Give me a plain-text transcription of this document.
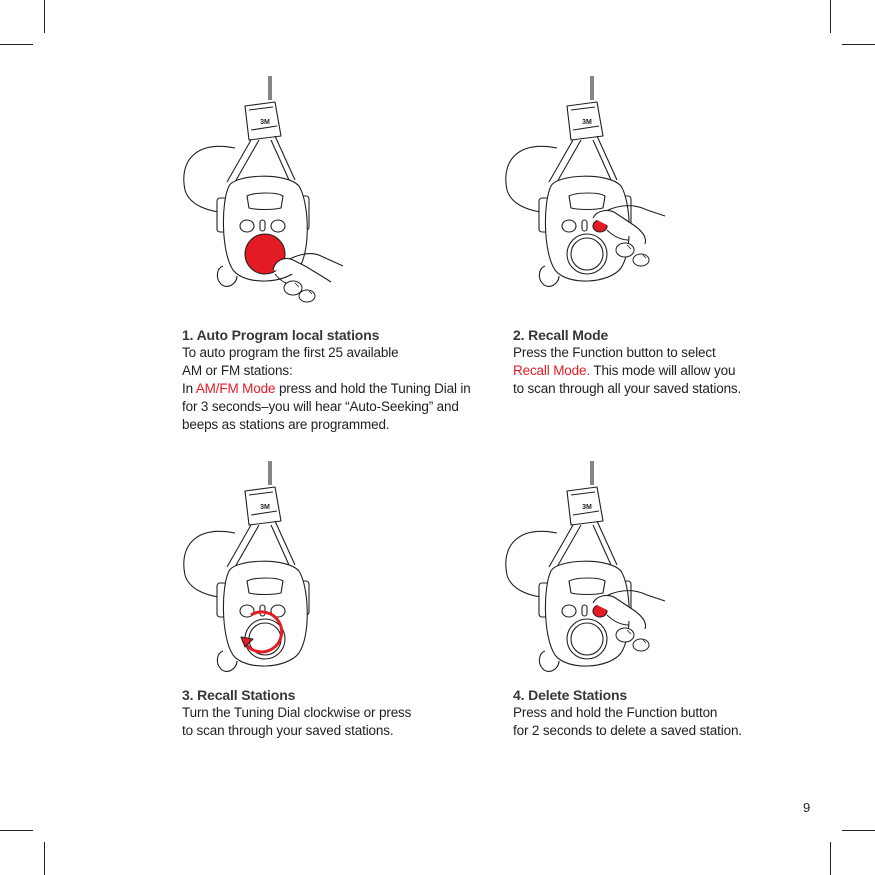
3M	3M
3M	3M

1. Auto Program local stations

To auto program the first 25 available

AM or FM stations:

In AM/FM Mode press and hold the Tuning Dial in

for 3 seconds–you will hear “Auto-Seeking” and

beeps as stations are programmed.

2. Recall Mode

Press the Function button to select

Recall Mode. This mode will allow you

to scan through all your saved stations.

3. Recall Stations

Turn the Tuning Dial clockwise or press

to scan through your saved stations.

4. Delete Stations

Press and hold the Function button

for 2 seconds to delete a saved station.

9
